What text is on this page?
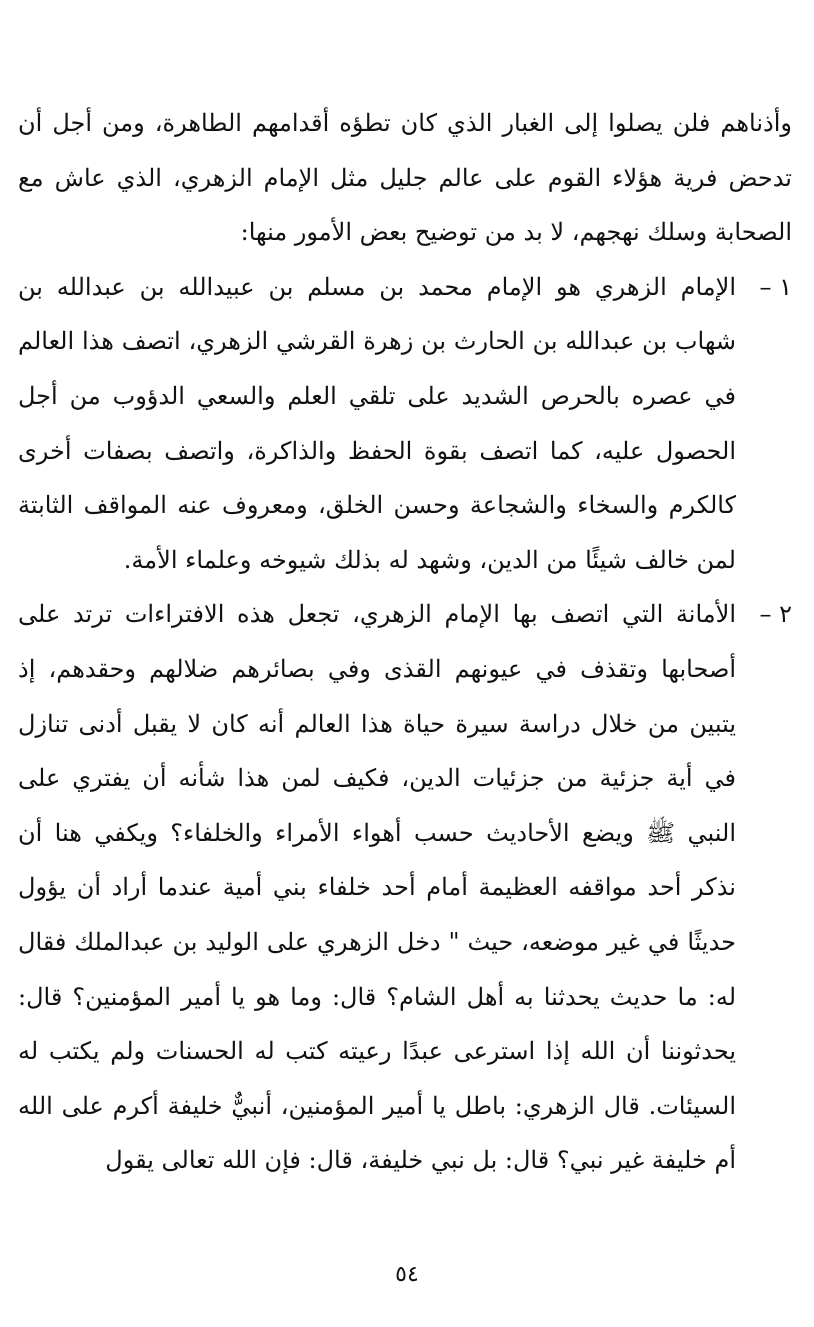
وأذناهم فلن يصلوا إلى الغبار الذي كان تطؤه أقدامهم الطاهرة، ومن أجل أن تدحض فرية هؤلاء القوم على عالم جليل مثل الإمام الزهري، الذي عاش مع الصحابة وسلك نهجهم، لا بد من توضيح بعض الأمور منها:

١ –

الإمام الزهري هو الإمام محمد بن مسلم بن عبيدالله بن عبدالله بن شهاب بن عبدالله بن الحارث بن زهرة القرشي الزهري، اتصف هذا العالم في عصره بالحرص الشديد على تلقي العلم والسعي الدؤوب من أجل الحصول عليه، كما اتصف بقوة الحفظ والذاكرة، واتصف بصفات أخرى كالكرم والسخاء والشجاعة وحسن الخلق، ومعروف عنه المواقف الثابتة لمن خالف شيئًا من الدين، وشهد له بذلك شيوخه وعلماء الأمة.

٢ –

الأمانة التي اتصف بها الإمام الزهري، تجعل هذه الافتراءات ترتد على أصحابها وتقذف في عيونهم القذى وفي بصائرهم ضلالهم وحقدهم، إذ يتبين من خلال دراسة سيرة حياة هذا العالم أنه كان لا يقبل أدنى تنازل في أية جزئية من جزئيات الدين، فكيف لمن هذا شأنه أن يفتري على النبي ﷺ ويضع الأحاديث حسب أهواء الأمراء والخلفاء؟ ويكفي هنا أن نذكر أحد مواقفه العظيمة أمام أحد خلفاء بني أمية عندما أراد أن يؤول حديثًا في غير موضعه، حيث " دخل الزهري على الوليد بن عبدالملك فقال له: ما حديث يحدثنا به أهل الشام؟ قال: وما هو يا أمير المؤمنين؟ قال: يحدثوننا أن الله إذا استرعى عبدًا رعيته كتب له الحسنات ولم يكتب له السيئات. قال الزهري: باطل يا أمير المؤمنين، أنبيٌّ خليفة أكرم على الله أم خليفة غير نبي؟ قال: بل نبي خليفة، قال: فإن الله تعالى يقول

٥٤
